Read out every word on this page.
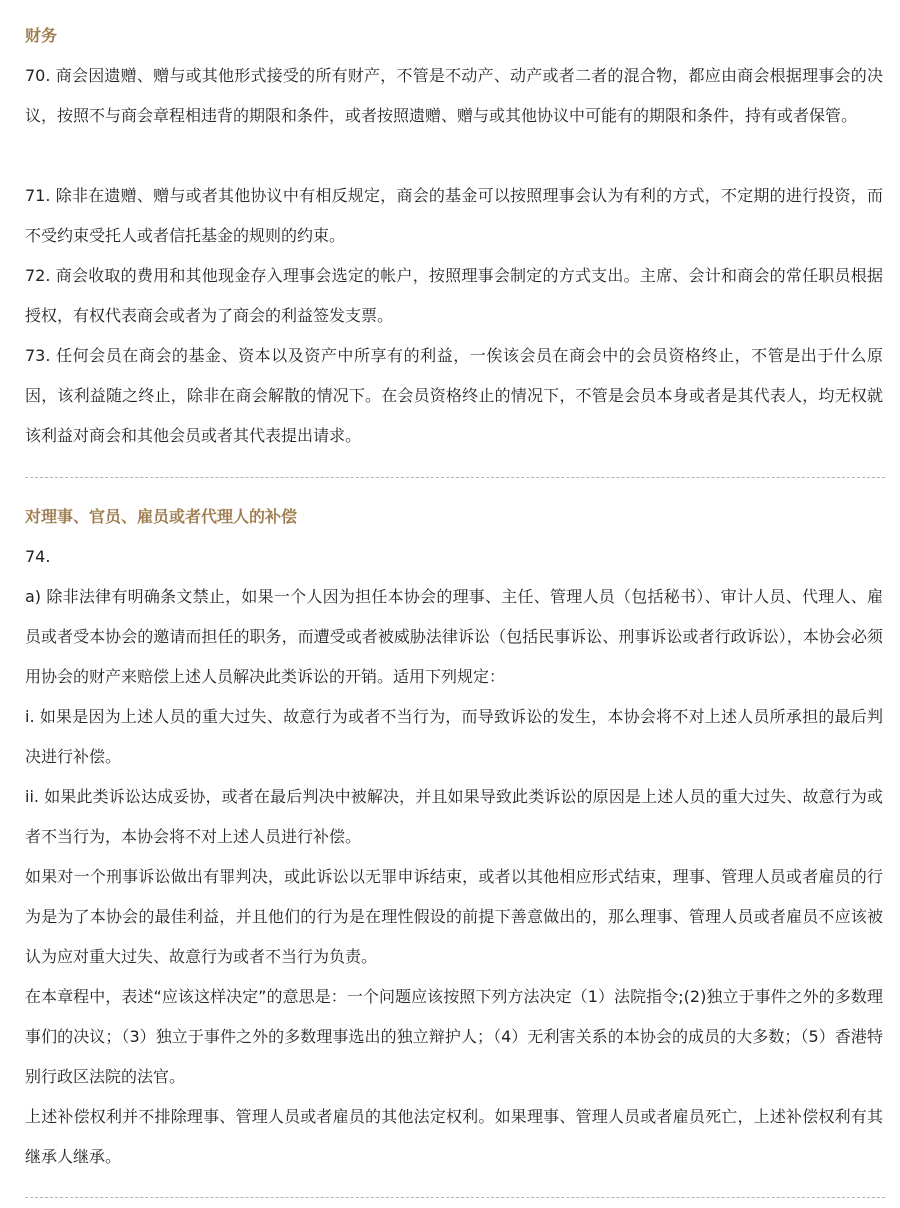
财务

70. 商会因遗赠、赠与或其他形式接受的所有财产，不管是不动产、动产或者二者的混合物，都应由商会根据理事会的决议，按照不与商会章程相违背的期限和条件，或者按照遗赠、赠与或其他协议中可能有的期限和条件，持有或者保管。

71. 除非在遗赠、赠与或者其他协议中有相反规定，商会的基金可以按照理事会认为有利的方式，不定期的进行投资，而不受约束受托人或者信托基金的规则的约束。

72. 商会收取的费用和其他现金存入理事会选定的帐户，按照理事会制定的方式支出。主席、会计和商会的常任职员根据授权，有权代表商会或者为了商会的利益签发支票。

73. 任何会员在商会的基金、资本以及资产中所享有的利益，一俟该会员在商会中的会员资格终止，不管是出于什么原因，该利益随之终止，除非在商会解散的情况下。在会员资格终止的情况下，不管是会员本身或者是其代表人，均无权就该利益对商会和其他会员或者其代表提出请求。

对理事、官员、雇员或者代理人的补偿

74.

a) 除非法律有明确条文禁止，如果一个人因为担任本协会的理事、主任、管理人员（包括秘书）、审计人员、代理人、雇员或者受本协会的邀请而担任的职务，而遭受或者被威胁法律诉讼（包括民事诉讼、刑事诉讼或者行政诉讼），本协会必须用协会的财产来赔偿上述人员解决此类诉讼的开销。适用下列规定：

i. 如果是因为上述人员的重大过失、故意行为或者不当行为，而导致诉讼的发生，本协会将不对上述人员所承担的最后判决进行补偿。

ii. 如果此类诉讼达成妥协，或者在最后判决中被解决，并且如果导致此类诉讼的原因是上述人员的重大过失、故意行为或者不当行为，本协会将不对上述人员进行补偿。

如果对一个刑事诉讼做出有罪判决，或此诉讼以无罪申诉结束，或者以其他相应形式结束，理事、管理人员或者雇员的行为是为了本协会的最佳利益，并且他们的行为是在理性假设的前提下善意做出的，那么理事、管理人员或者雇员不应该被认为应对重大过失、故意行为或者不当行为负责。

在本章程中，表述“应该这样决定”的意思是：一个问题应该按照下列方法决定（1）法院指令;(2)独立于事件之外的多数理事们的决议；（3）独立于事件之外的多数理事选出的独立辩护人；（4）无利害关系的本协会的成员的大多数；（5）香港特别行政区法院的法官。

上述补偿权利并不排除理事、管理人员或者雇员的其他法定权利。如果理事、管理人员或者雇员死亡，上述补偿权利有其继承人继承。
